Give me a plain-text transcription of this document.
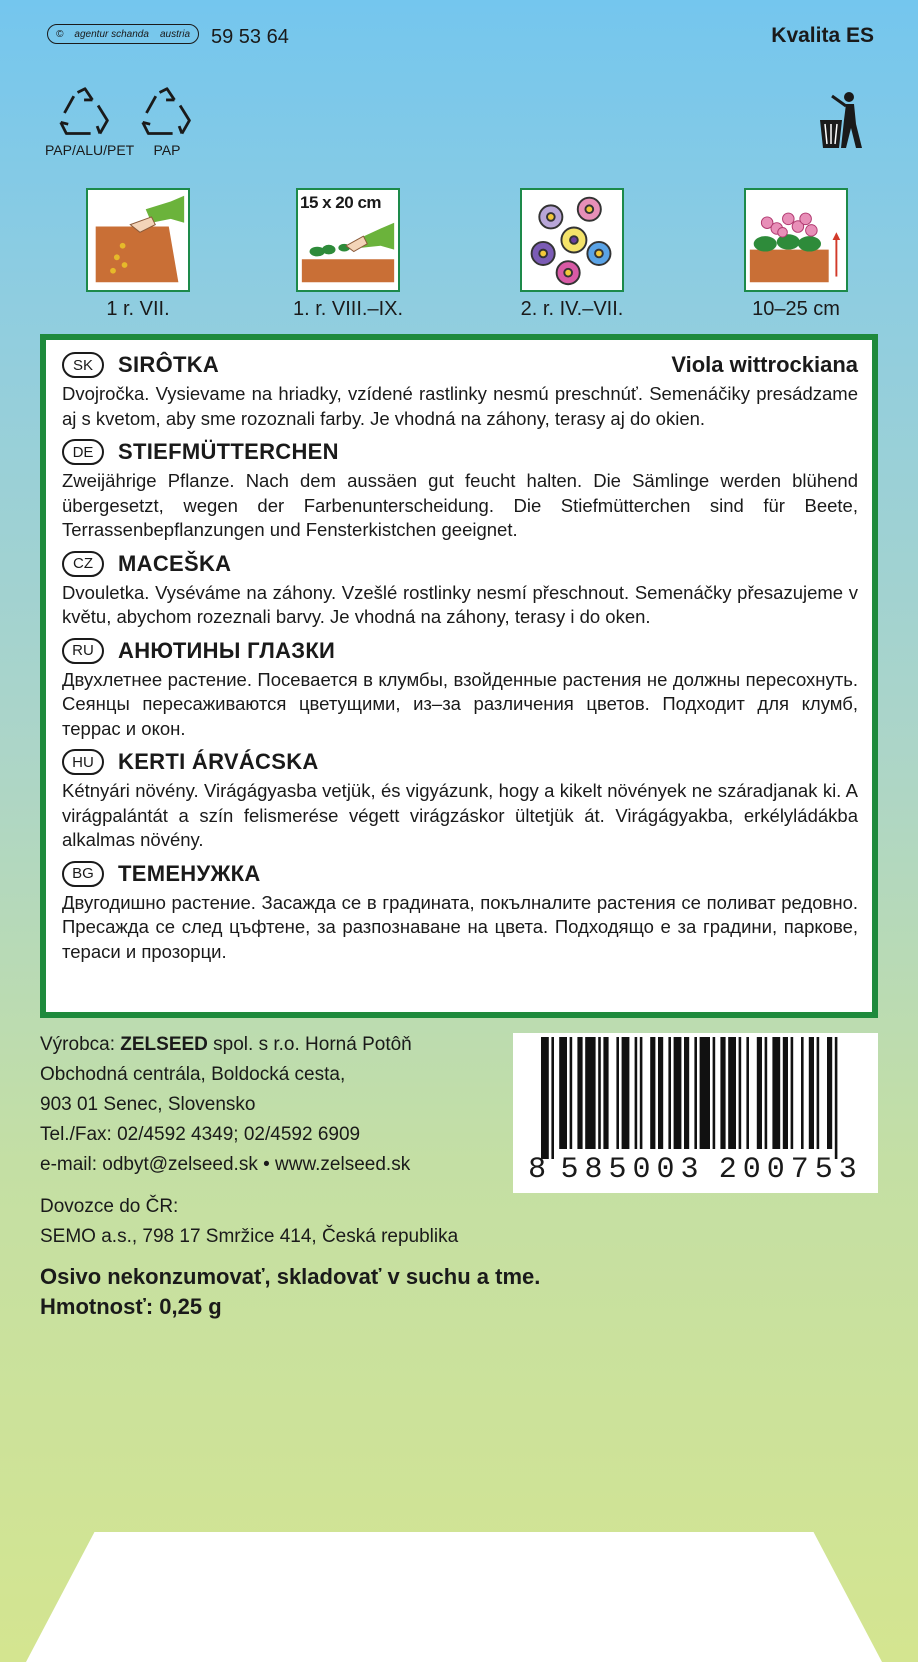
© agentur schanda austria 59 53 64	Kvalita ES
PAP/ALU/PET	PAP
1 r. VII.
15 x 20 cm
1. r. VIII.–IX.	2. r. IV.–VII.	10–25 cm
SK	SIRÔTKA	Viola wittrockiana

Dvojročka. Vysievame na hriadky, vzídené rastlinky nesmú preschnúť. Semenáčiky presádzame aj s kvetom, aby sme rozoznali farby. Je vhodná na záhony, terasy aj do okien.

DE	STIEFMÜTTERCHEN

Zweijährige Pflanze. Nach dem aussäen gut feucht halten. Die Sämlinge werden blühend übergesetzt, wegen der Farbenunterscheidung. Die Stiefmütterchen sind für Beete, Terrassenbepflanzungen und Fensterkistchen geeignet.

CZ	MACEŠKA

Dvouletka. Vyséváme na záhony. Vzešlé rostlinky nesmí přeschnout. Semenáčky přesazujeme v květu, abychom rozeznali barvy. Je vhodná na záhony, terasy i do oken.

RU	АНЮТИНЫ ГЛАЗКИ

Двухлетнее растение. Посевается в клумбы, взойденные растения не должны пересохнуть. Сеянцы пересаживаются цветущими, из–за различения цветов. Подходит для клумб, террас и окон.

HU	KERTI ÁRVÁCSKA

Kétnyári növény. Virágágyasba vetjük, és vigyázunk, hogy a kikelt növények ne száradjanak ki. A virágpalántát a szín felismerése végett virágzáskor ültetjük át. Virágágyakba, erkélyládákba alkalmas növény.

BG	ТЕМЕНУЖКА

Двугодишно растение. Засажда се в градината, покълналите растения се поливат редовно. Пресажда се след цъфтене, за разпознаване на цвета. Подходящо е за градини, паркове, тераси и прозорци.

Výrobca: ZELSEED spol. s r.o. Horná Potôň
Obchodná centrála, Boldocká cesta,
903 01 Senec, Slovensko
Tel./Fax: 02/4592 4349; 02/4592 6909
e-mail: odbyt@zelseed.sk • www.zelseed.sk
Dovozce do ČR:
SEMO a.s., 798 17 Smržice 414, Česká republika
Osivo nekonzumovať, skladovať v suchu a tme.
Hmotnosť: 0,25 g
8 585003 200753
